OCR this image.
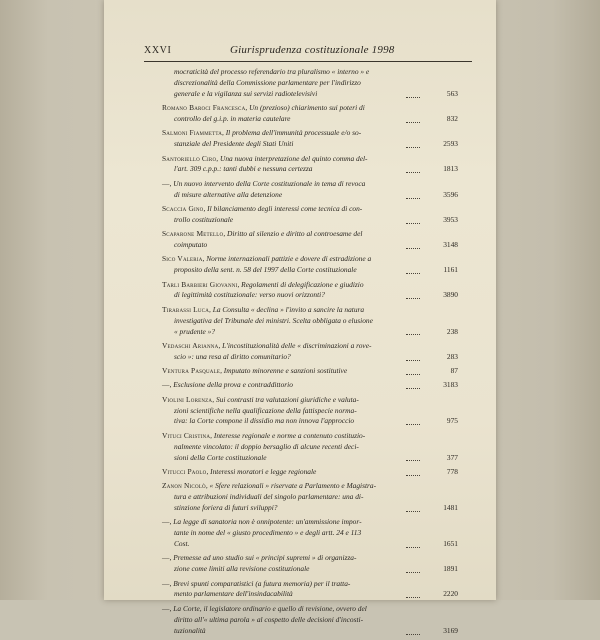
XXVI	Giurisprudenza costituzionale 1998
mocraticità del processo referendario tra pluralismo « interno » e
discrezionalità della Commissione parlamentare per l'indirizzo
generale e la vigilanza sui servizi radiotelevisivi	563
Romano Baroci Francesca, Un (prezioso) chiarimento sui poteri di
controllo del g.i.p. in materia cautelare	832
Salmoni Fiammetta, Il problema dell'immunità processuale e/o so-
stanziale del Presidente degli Stati Uniti	2593
Santoriello Ciro, Una nuova interpretazione del quinto comma del-
l'art. 309 c.p.p.: tanti dubbi e nessuna certezza	1813
—, Un nuovo intervento della Corte costituzionale in tema di revoca
di misure alternative alla detenzione	3596
Scaccia Gino, Il bilanciamento degli interessi come tecnica di con-
trollo costituzionale	3953
Scaparone Metello, Diritto al silenzio e diritto al controesame del
coimputato	3148
Sico Valeria, Norme internazionali pattizie e dovere di estradizione a
proposito della sent. n. 58 del 1997 della Corte costituzionale	1161
Tarli Barbieri Giovanni, Regolamenti di delegificazione e giudizio
di legittimità costituzionale: verso nuovi orizzonti?	3890
Tirabassi Luca, La Consulta « declina » l'invito a sancire la natura
investigativa del Tribunale dei ministri. Scelta obbligata o elusione
« prudente »?	238
Vedaschi Arianna, L'incostituzionalità delle « discriminazioni a rove-
scio »: una resa al diritto comunitario?	283
Ventura Pasquale, Imputato minorenne e sanzioni sostitutive	87
—, Esclusione della prova e contraddittorio	3183
Violini Lorenza, Sui contrasti tra valutazioni giuridiche e valuta-
zioni scientifiche nella qualificazione della fattispecie norma-
tiva: la Corte compone il dissidio ma non innova l'approccio	975
Vituci Cristina, Interesse regionale e norme a contenuto costituzio-
nalmente vincolato: il doppio bersaglio di alcune recenti deci-
sioni della Corte costituzionale	377
Vitucci Paolo, Interessi moratori e legge regionale	778
Zanon Nicolò, « Sfere relazionali » riservate a Parlamento e Magistra-
tura e attribuzioni individuali del singolo parlamentare: una di-
stinzione foriera di futuri sviluppi?	1481
—, La legge di sanatoria non è onnipotente: un'ammissione impor-
tante in nome del « giusto procedimento » e degli artt. 24 e 113
Cost.	1651
—, Premesse ad uno studio sui « principi supremi » di organizza-
zione come limiti alla revisione costituzionale	1891
—, Brevi spunti comparatistici (a futura memoria) per il tratta-
mento parlamentare dell'insindacabilità	2220
—, La Corte, il legislatore ordinario e quello di revisione, ovvero del
diritto all'« ultima parola » al cospetto delle decisioni d'incosti-
tuzionalità	3169
